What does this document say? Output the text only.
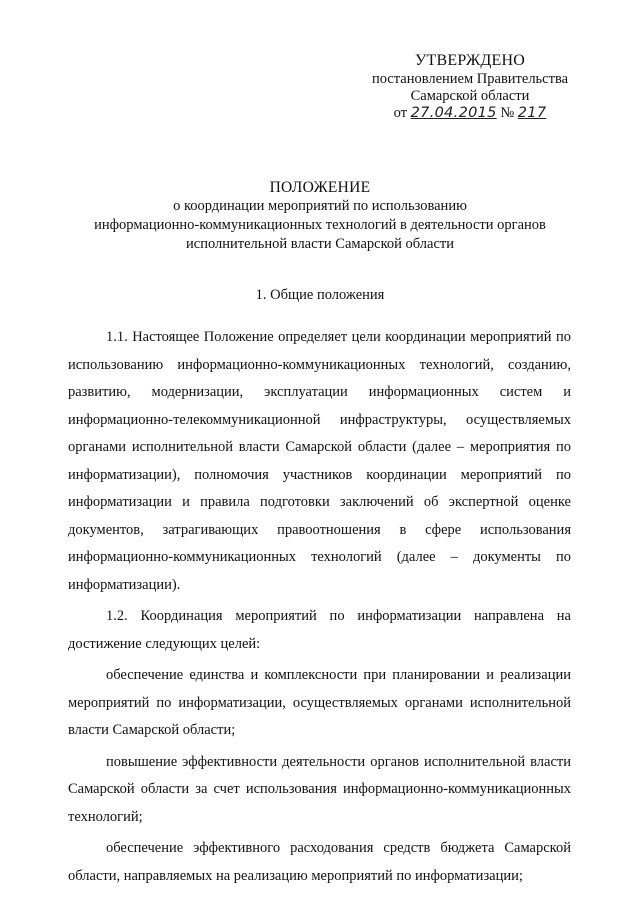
УТВЕРЖДЕНО
постановлением Правительства
Самарской области
от 27.04.2015 № 217
ПОЛОЖЕНИЕ
о координации мероприятий по использованию
информационно-коммуникационных технологий в деятельности органов
исполнительной власти Самарской области
1. Общие положения

1.1. Настоящее Положение определяет цели координации мероприятий по использованию информационно-коммуникационных технологий, созданию, развитию, модернизации, эксплуатации информационных систем и информационно-телекоммуникационной инфраструктуры, осуществляемых органами исполнительной власти Самарской области (далее – мероприятия по информатизации), полномочия участников координации мероприятий по информатизации и правила подготовки заключений об экспертной оценке документов, затрагивающих правоотношения в сфере использования информационно-коммуникационных технологий (далее – документы по информатизации).

1.2. Координация мероприятий по информатизации направлена на достижение следующих целей:

обеспечение единства и комплексности при планировании и реализации мероприятий по информатизации, осуществляемых органами исполнительной власти Самарской области;

повышение эффективности деятельности органов исполнительной власти Самарской области за счет использования информационно-коммуникационных технологий;

обеспечение эффективного расходования средств бюджета Самарской области, направляемых на реализацию мероприятий по информатизации;
